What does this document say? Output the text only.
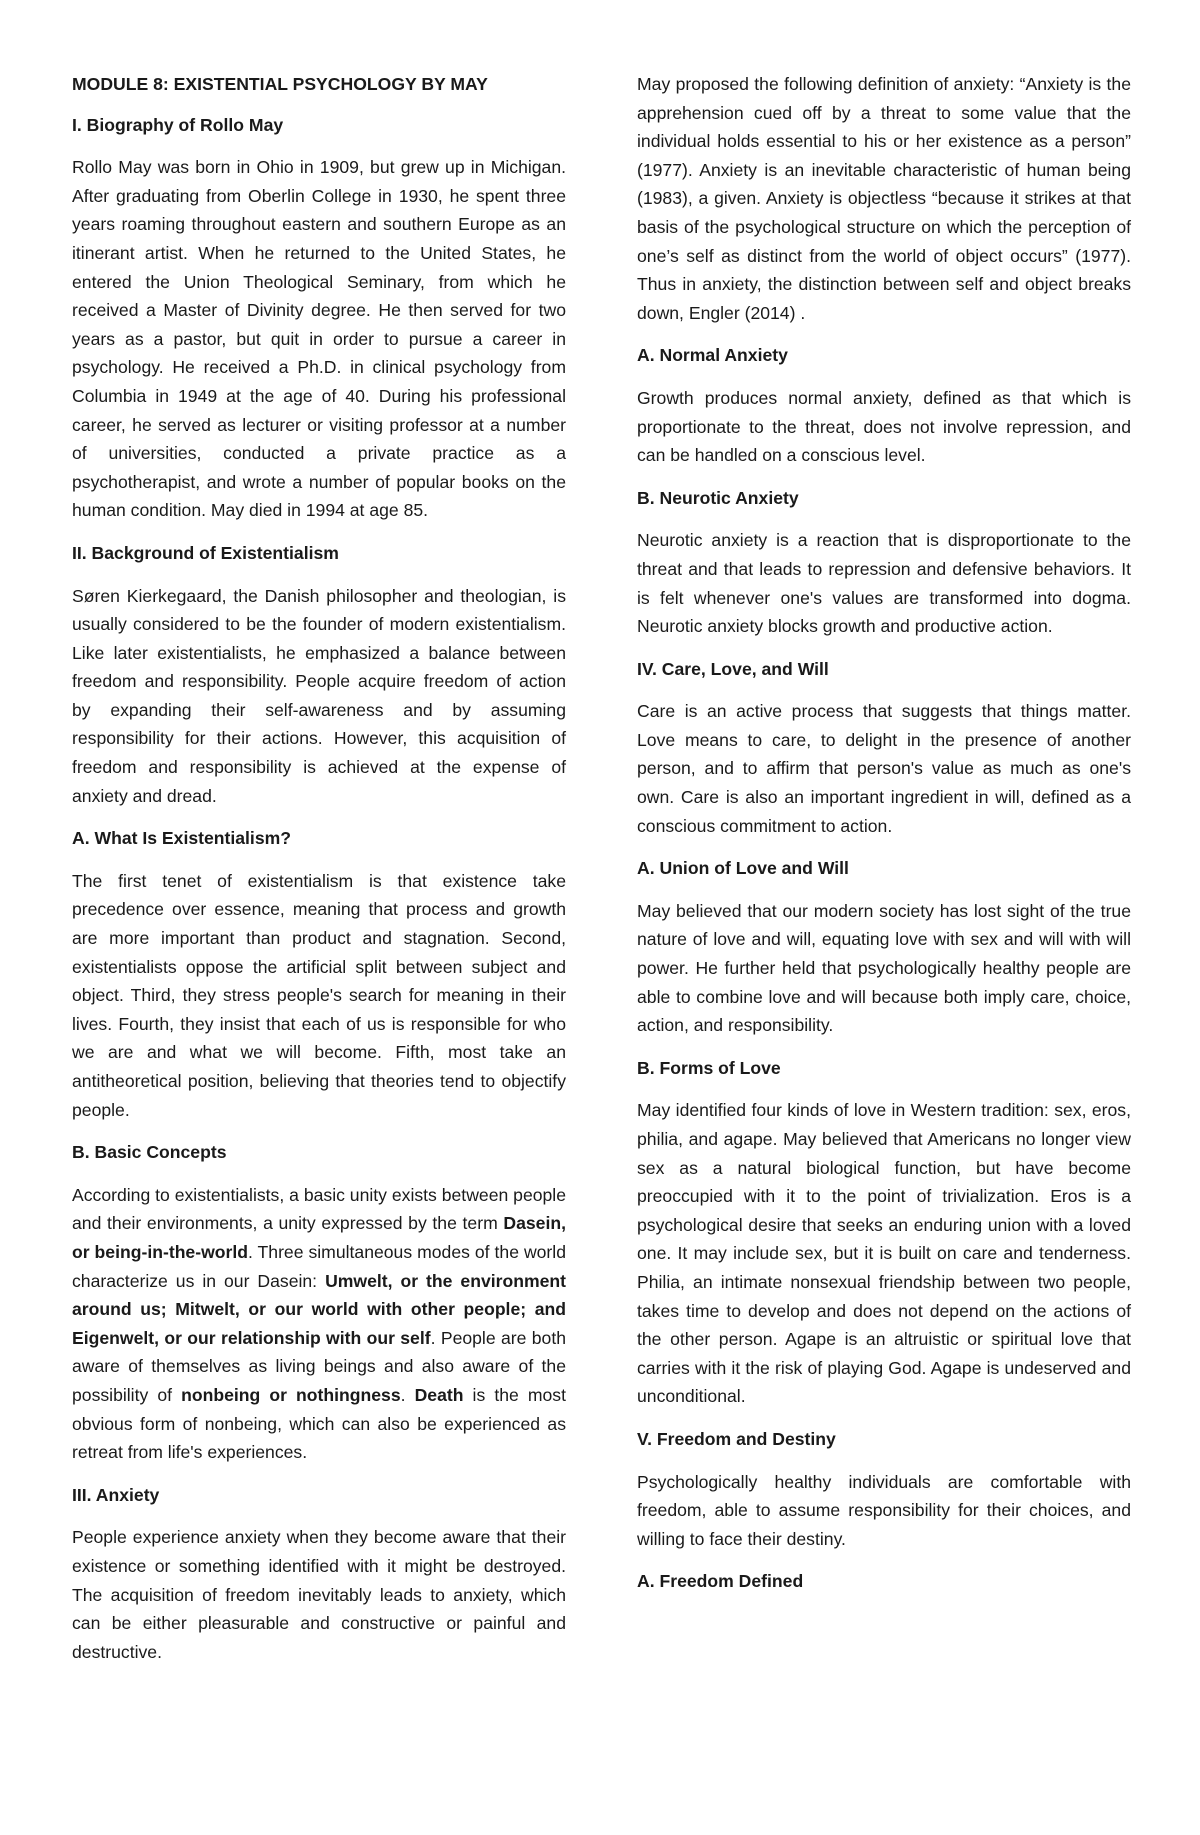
MODULE 8: EXISTENTIAL PSYCHOLOGY BY MAY
I. Biography of Rollo May

Rollo May was born in Ohio in 1909, but grew up in Michigan. After graduating from Oberlin College in 1930, he spent three years roaming throughout eastern and southern Europe as an itinerant artist. When he returned to the United States, he entered the Union Theological Seminary, from which he received a Master of Divinity degree. He then served for two years as a pastor, but quit in order to pursue a career in psychology. He received a Ph.D. in clinical psychology from Columbia in 1949 at the age of 40. During his professional career, he served as lecturer or visiting professor at a number of universities, conducted a private practice as a psychotherapist, and wrote a number of popular books on the human condition. May died in 1994 at age 85.

II. Background of Existentialism

Søren Kierkegaard, the Danish philosopher and theologian, is usually considered to be the founder of modern existentialism. Like later existentialists, he emphasized a balance between freedom and responsibility. People acquire freedom of action by expanding their self-awareness and by assuming responsibility for their actions. However, this acquisition of freedom and responsibility is achieved at the expense of anxiety and dread.

A. What Is Existentialism?

The first tenet of existentialism is that existence take precedence over essence, meaning that process and growth are more important than product and stagnation. Second, existentialists oppose the artificial split between subject and object. Third, they stress people's search for meaning in their lives. Fourth, they insist that each of us is responsible for who we are and what we will become. Fifth, most take an antitheoretical position, believing that theories tend to objectify people.

B. Basic Concepts

According to existentialists, a basic unity exists between people and their environments, a unity expressed by the term Dasein, or being-in-the-world. Three simultaneous modes of the world characterize us in our Dasein: Umwelt, or the environment around us; Mitwelt, or our world with other people; and Eigenwelt, or our relationship with our self. People are both aware of themselves as living beings and also aware of the possibility of nonbeing or nothingness. Death is the most obvious form of nonbeing, which can also be experienced as retreat from life's experiences.

III. Anxiety

People experience anxiety when they become aware that their existence or something identified with it might be destroyed. The acquisition of freedom inevitably leads to anxiety, which can be either pleasurable and constructive or painful and destructive.

May proposed the following definition of anxiety: “Anxiety is the apprehension cued off by a threat to some value that the individual holds essential to his or her existence as a person” (1977). Anxiety is an inevitable characteristic of human being (1983), a given. Anxiety is objectless “because it strikes at that basis of the psychological structure on which the perception of one’s self as distinct from the world of object occurs” (1977). Thus in anxiety, the distinction between self and object breaks down, Engler (2014) .

A. Normal Anxiety

Growth produces normal anxiety, defined as that which is proportionate to the threat, does not involve repression, and can be handled on a conscious level.

B. Neurotic Anxiety

Neurotic anxiety is a reaction that is disproportionate to the threat and that leads to repression and defensive behaviors. It is felt whenever one's values are transformed into dogma. Neurotic anxiety blocks growth and productive action.

IV. Care, Love, and Will

Care is an active process that suggests that things matter. Love means to care, to delight in the presence of another person, and to affirm that person's value as much as one's own. Care is also an important ingredient in will, defined as a conscious commitment to action.

A. Union of Love and Will

May believed that our modern society has lost sight of the true nature of love and will, equating love with sex and will with will power. He further held that psychologically healthy people are able to combine love and will because both imply care, choice, action, and responsibility.

B. Forms of Love

May identified four kinds of love in Western tradition: sex, eros, philia, and agape. May believed that Americans no longer view sex as a natural biological function, but have become preoccupied with it to the point of trivialization. Eros is a psychological desire that seeks an enduring union with a loved one. It may include sex, but it is built on care and tenderness. Philia, an intimate nonsexual friendship between two people, takes time to develop and does not depend on the actions of the other person. Agape is an altruistic or spiritual love that carries with it the risk of playing God. Agape is undeserved and unconditional.

V. Freedom and Destiny

Psychologically healthy individuals are comfortable with freedom, able to assume responsibility for their choices, and willing to face their destiny.

A. Freedom Defined
